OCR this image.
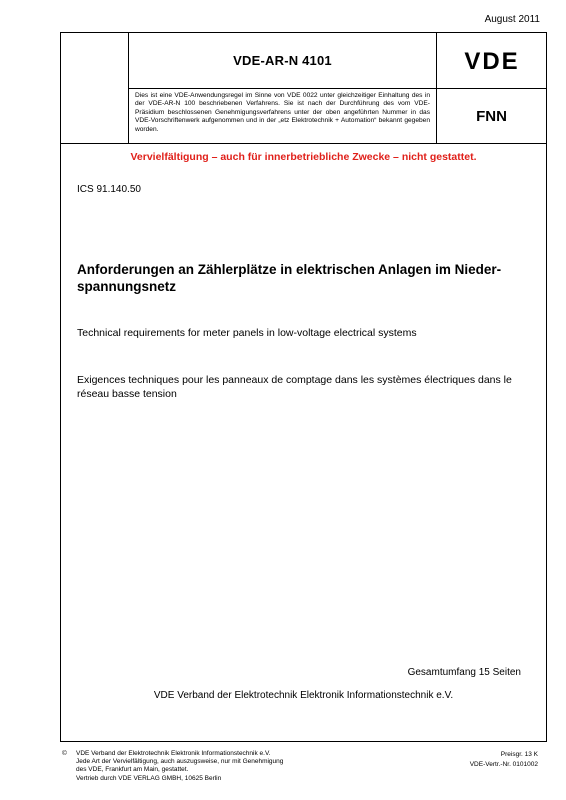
August 2011
VDE-AR-N 4101
Dies ist eine VDE-Anwendungsregel im Sinne von VDE 0022 unter gleichzeitiger Einhaltung des in der VDE-AR-N 100 beschriebenen Verfahrens. Sie ist nach der Durchführung des vom VDE-Präsidium beschlossenen Genehmigungsverfahrens unter der oben angeführten Nummer in das VDE-Vorschriftenwerk aufgenommen und in der „etz Elektrotechnik + Automation“ bekannt gegeben worden.
VDE
FNN
Vervielfältigung – auch für innerbetriebliche Zwecke – nicht gestattet.
ICS 91.140.50
Anforderungen an Zählerplätze in elektrischen Anlagen im Nieder-
spannungsnetz
Technical requirements for meter panels in low-voltage electrical systems
Exigences techniques pour les panneaux de comptage dans les systèmes électriques dans le
réseau basse tension
Gesamtumfang 15 Seiten
VDE Verband der Elektrotechnik Elektronik Informationstechnik e.V.
© VDE Verband der Elektrotechnik Elektronik Informationstechnik e.V.
Jede Art der Vervielfältigung, auch auszugsweise, nur mit Genehmigung
des VDE, Frankfurt am Main, gestattet.
Vertrieb durch VDE VERLAG GMBH, 10625 Berlin
Preisgr. 13 K
VDE-Vertr.-Nr. 0101002
